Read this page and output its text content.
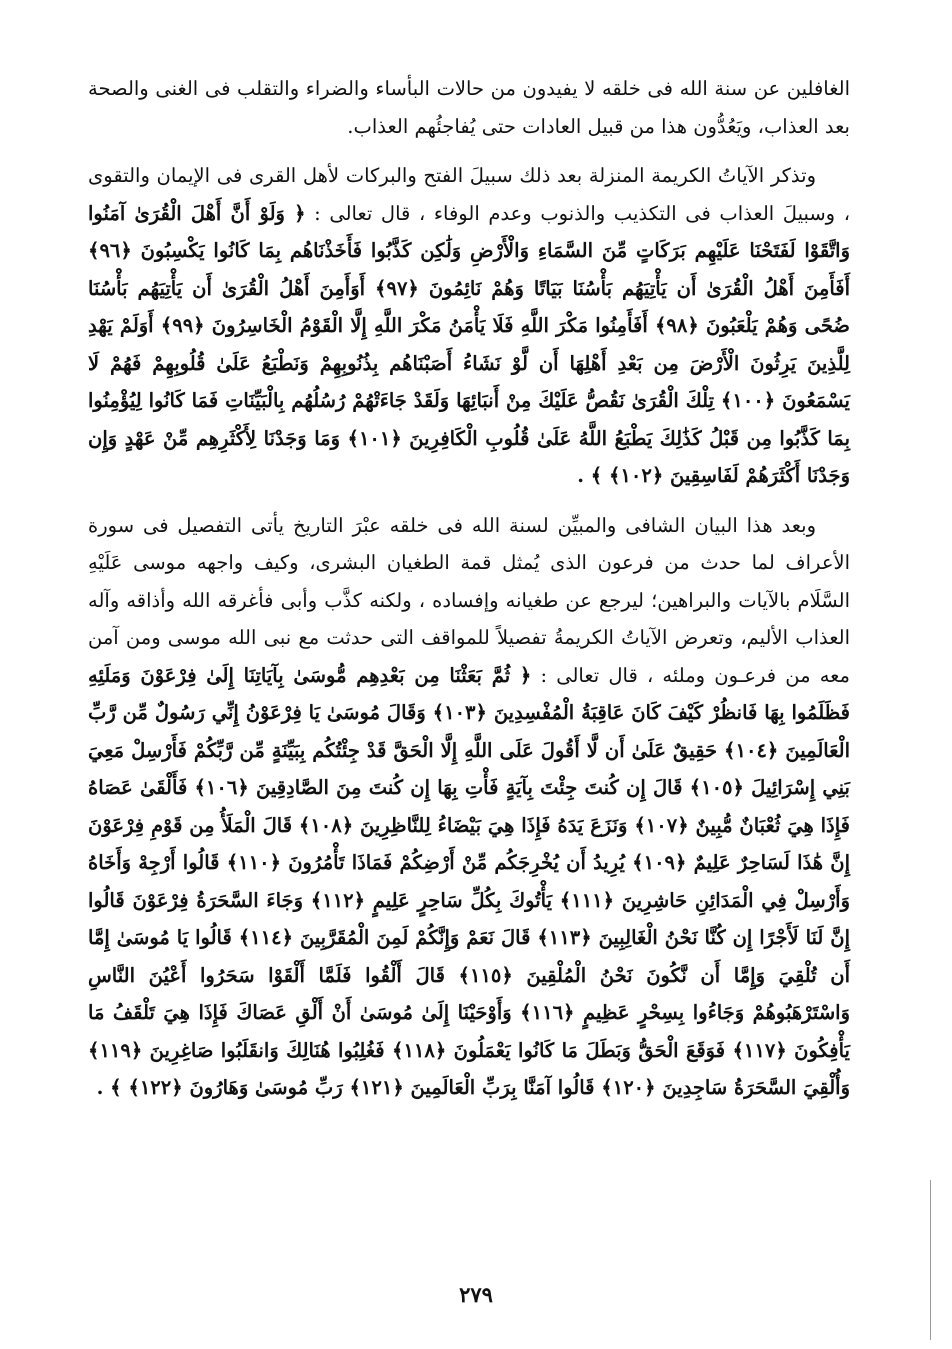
الغافلين عن سنة الله فى خلقه لا يفيدون من حالات البأساء والضراء والتقلب فى الغنى والصحة بعد العذاب، ويَعُدُّون هذا من قبيل العادات حتى يُفاجئُهم العذاب.

وتذكر الآياتُ الكريمة المنزلة بعد ذلك سبيلَ الفتح والبركات لأهل القرى فى الإيمان والتقوى ، وسبيلَ العذاب فى التكذيب والذنوب وعدم الوفاء ، قال تعالى : ﴿ وَلَوْ أَنَّ أَهْلَ الْقُرَىٰ آمَنُوا وَاتَّقَوْا لَفَتَحْنَا عَلَيْهِم بَرَكَاتٍ مِّنَ السَّمَاءِ وَالْأَرْضِ وَلَٰكِن كَذَّبُوا فَأَخَذْنَاهُم بِمَا كَانُوا يَكْسِبُونَ ﴿٩٦﴾ أَفَأَمِنَ أَهْلُ الْقُرَىٰ أَن يَأْتِيَهُم بَأْسُنَا بَيَاتًا وَهُمْ نَائِمُونَ ﴿٩٧﴾ أَوَأَمِنَ أَهْلُ الْقُرَىٰ أَن يَأْتِيَهُم بَأْسُنَا ضُحًى وَهُمْ يَلْعَبُونَ ﴿٩٨﴾ أَفَأَمِنُوا مَكْرَ اللَّهِ فَلَا يَأْمَنُ مَكْرَ اللَّهِ إِلَّا الْقَوْمُ الْخَاسِرُونَ ﴿٩٩﴾ أَوَلَمْ يَهْدِ لِلَّذِينَ يَرِثُونَ الْأَرْضَ مِن بَعْدِ أَهْلِهَا أَن لَّوْ نَشَاءُ أَصَبْنَاهُم بِذُنُوبِهِمْ وَنَطْبَعُ عَلَىٰ قُلُوبِهِمْ فَهُمْ لَا يَسْمَعُونَ ﴿١٠٠﴾ تِلْكَ الْقُرَىٰ نَقُصُّ عَلَيْكَ مِنْ أَنبَائِهَا وَلَقَدْ جَاءَتْهُمْ رُسُلُهُم بِالْبَيِّنَاتِ فَمَا كَانُوا لِيُؤْمِنُوا بِمَا كَذَّبُوا مِن قَبْلُ كَذَٰلِكَ يَطْبَعُ اللَّهُ عَلَىٰ قُلُوبِ الْكَافِرِينَ ﴿١٠١﴾ وَمَا وَجَدْنَا لِأَكْثَرِهِم مِّنْ عَهْدٍ وَإِن وَجَدْنَا أَكْثَرَهُمْ لَفَاسِقِينَ ﴿١٠٢﴾ ﴾ .

وبعد هذا البيان الشافى والمبيِّن لسنة الله فى خلقه عبْرَ التاريخ يأتى التفصيل فى سورة الأعراف لما حدث من فرعون الذى يُمثل قمة الطغيان البشرى، وكيف واجهه موسى عَلَيْهِ السَّلَام بالآيات والبراهين؛ ليرجع عن طغيانه وإفساده ، ولكنه كذَّب وأبى فأغرقه الله وأذاقه وآله العذاب الأليم، وتعرض الآياتُ الكريمةُ تفصيلاً للمواقف التى حدثت مع نبى الله موسى ومن آمن معه من فرعـون وملئه ، قال تعالى : ﴿ ثُمَّ بَعَثْنَا مِن بَعْدِهِم مُّوسَىٰ بِآيَاتِنَا إِلَىٰ فِرْعَوْنَ وَمَلَئِهِ فَظَلَمُوا بِهَا فَانظُرْ كَيْفَ كَانَ عَاقِبَةُ الْمُفْسِدِينَ ﴿١٠٣﴾ وَقَالَ مُوسَىٰ يَا فِرْعَوْنُ إِنِّي رَسُولٌ مِّن رَّبِّ الْعَالَمِينَ ﴿١٠٤﴾ حَقِيقٌ عَلَىٰ أَن لَّا أَقُولَ عَلَى اللَّهِ إِلَّا الْحَقَّ قَدْ جِئْتُكُم بِبَيِّنَةٍ مِّن رَّبِّكُمْ فَأَرْسِلْ مَعِيَ بَنِي إِسْرَائِيلَ ﴿١٠٥﴾ قَالَ إِن كُنتَ جِئْتَ بِآيَةٍ فَأْتِ بِهَا إِن كُنتَ مِنَ الصَّادِقِينَ ﴿١٠٦﴾ فَأَلْقَىٰ عَصَاهُ فَإِذَا هِيَ ثُعْبَانٌ مُّبِينٌ ﴿١٠٧﴾ وَنَزَعَ يَدَهُ فَإِذَا هِيَ بَيْضَاءُ لِلنَّاظِرِينَ ﴿١٠٨﴾ قَالَ الْمَلَأُ مِن قَوْمِ فِرْعَوْنَ إِنَّ هَٰذَا لَسَاحِرٌ عَلِيمٌ ﴿١٠٩﴾ يُرِيدُ أَن يُخْرِجَكُم مِّنْ أَرْضِكُمْ فَمَاذَا تَأْمُرُونَ ﴿١١٠﴾ قَالُوا أَرْجِهْ وَأَخَاهُ وَأَرْسِلْ فِي الْمَدَائِنِ حَاشِرِينَ ﴿١١١﴾ يَأْتُوكَ بِكُلِّ سَاحِرٍ عَلِيمٍ ﴿١١٢﴾ وَجَاءَ السَّحَرَةُ فِرْعَوْنَ قَالُوا إِنَّ لَنَا لَأَجْرًا إِن كُنَّا نَحْنُ الْغَالِبِينَ ﴿١١٣﴾ قَالَ نَعَمْ وَإِنَّكُمْ لَمِنَ الْمُقَرَّبِينَ ﴿١١٤﴾ قَالُوا يَا مُوسَىٰ إِمَّا أَن تُلْقِيَ وَإِمَّا أَن نَّكُونَ نَحْنُ الْمُلْقِينَ ﴿١١٥﴾ قَالَ أَلْقُوا فَلَمَّا أَلْقَوْا سَحَرُوا أَعْيُنَ النَّاسِ وَاسْتَرْهَبُوهُمْ وَجَاءُوا بِسِحْرٍ عَظِيمٍ ﴿١١٦﴾ وَأَوْحَيْنَا إِلَىٰ مُوسَىٰ أَنْ أَلْقِ عَصَاكَ فَإِذَا هِيَ تَلْقَفُ مَا يَأْفِكُونَ ﴿١١٧﴾ فَوَقَعَ الْحَقُّ وَبَطَلَ مَا كَانُوا يَعْمَلُونَ ﴿١١٨﴾ فَغُلِبُوا هُنَالِكَ وَانقَلَبُوا صَاغِرِينَ ﴿١١٩﴾ وَأُلْقِيَ السَّحَرَةُ سَاجِدِينَ ﴿١٢٠﴾ قَالُوا آمَنَّا بِرَبِّ الْعَالَمِينَ ﴿١٢١﴾ رَبِّ مُوسَىٰ وَهَارُونَ ﴿١٢٢﴾ ﴾ .

٢٧٩
